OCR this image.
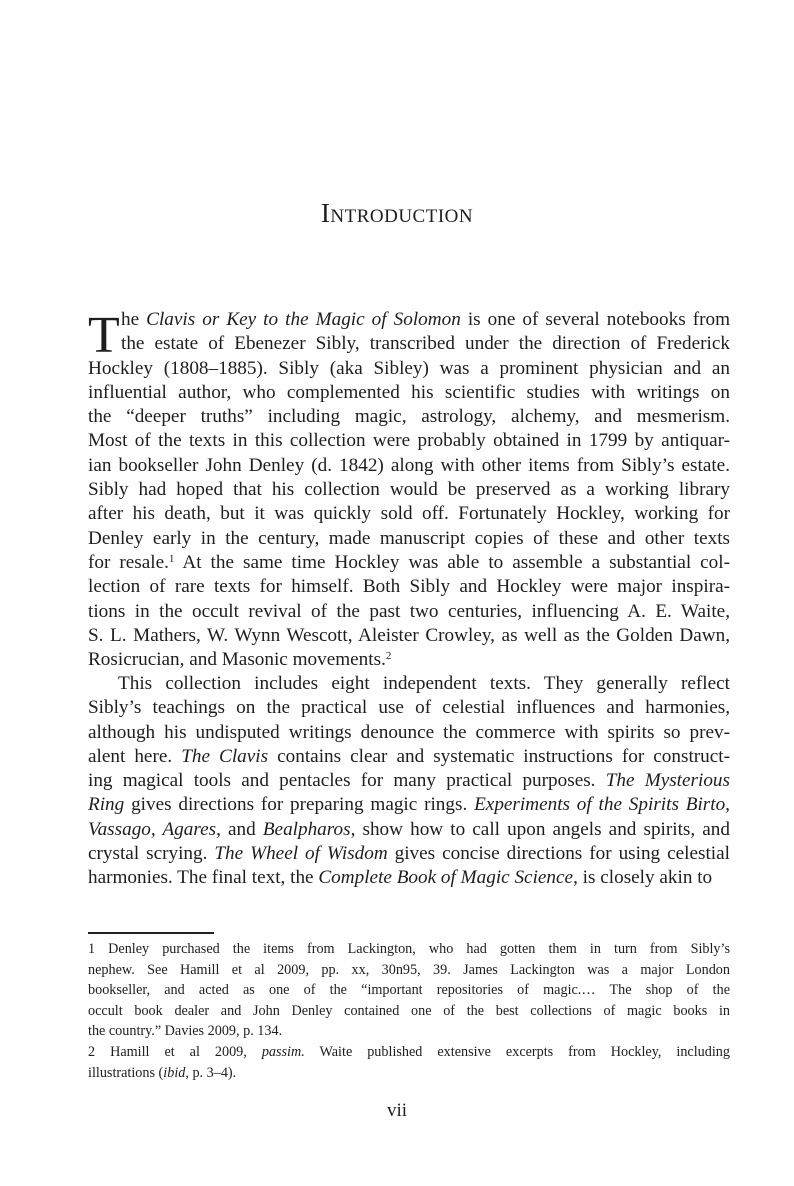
Introduction
T he Clavis or Key to the Magic of Solomon is one of several notebooks from
the estate of Ebenezer Sibly, transcribed under the direction of Frederick
Hockley (1808–1885). Sibly (aka Sibley) was a prominent physician and an
influential author, who complemented his scientific studies with writings on
the “deeper truths” including magic, astrology, alchemy, and mesmerism.
Most of the texts in this collection were probably obtained in 1799 by antiquar-
ian bookseller John Denley (d. 1842) along with other items from Sibly’s estate.
Sibly had hoped that his collection would be preserved as a working library
after his death, but it was quickly sold off. Fortunately Hockley, working for
Denley early in the century, made manuscript copies of these and other texts
for resale.$^1$ At the same time Hockley was able to assemble a substantial col-
lection of rare texts for himself. Both Sibly and Hockley were major inspira-
tions in the occult revival of the past two centuries, influencing A. E. Waite,
S. L. Mathers, W. Wynn Wescott, Aleister Crowley, as well as the Golden Dawn,
Rosicrucian, and Masonic movements.$^2$
This collection includes eight independent texts. They generally reflect
Sibly’s teachings on the practical use of celestial influences and harmonies,
although his undisputed writings denounce the commerce with spirits so prev-
alent here. The Clavis contains clear and systematic instructions for construct-
ing magical tools and pentacles for many practical purposes. The Mysterious
Ring gives directions for preparing magic rings. Experiments of the Spirits Birto,
Vassago, Agares, and Bealpharos, show how to call upon angels and spirits, and
crystal scrying. The Wheel of Wisdom gives concise directions for using celestial
harmonies. The final text, the Complete Book of Magic Science, is closely akin to
1 Denley purchased the items from Lackington, who had gotten them in turn from Sibly’s
nephew. See Hamill et al 2009, pp. xx, 30n95, 39. James Lackington was a major London
bookseller, and acted as one of the “important repositories of magic.… The shop of the
occult book dealer and John Denley contained one of the best collections of magic books in
the country.” Davies 2009, p. 134.
2 Hamill et al 2009, passim. Waite published extensive excerpts from Hockley, including
illustrations (ibid, p. 3–4).
vii
